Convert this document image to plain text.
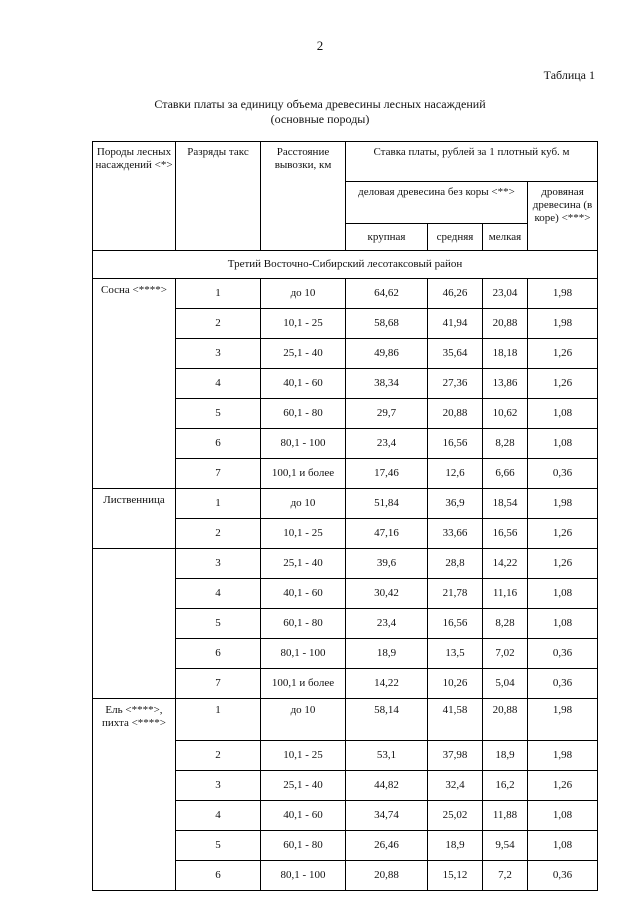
2
Таблица 1
Ставки платы за единицу объема древесины лесных насаждений
(основные породы)
Породы лесных насаждений <*>	Разряды такс	Расстояние вывозки, км	Ставка платы, рублей за 1 плотный куб. м			
			деловая древесина без коры <**>			дровяная древесина (в коре) <***>
			крупная	средняя	мелкая	
Третий Восточно-Сибирский лесотаксовый район						
Сосна <****>	1	до 10	64,62	46,26	23,04	1,98
	2	10,1 - 25	58,68	41,94	20,88	1,98
	3	25,1 - 40	49,86	35,64	18,18	1,26
	4	40,1 - 60	38,34	27,36	13,86	1,26
	5	60,1 - 80	29,7	20,88	10,62	1,08
	6	80,1 - 100	23,4	16,56	8,28	1,08
	7	100,1 и более	17,46	12,6	6,66	0,36
Лиственница	1	до 10	51,84	36,9	18,54	1,98
	2	10,1 - 25	47,16	33,66	16,56	1,26
	3	25,1 - 40	39,6	28,8	14,22	1,26
	4	40,1 - 60	30,42	21,78	11,16	1,08
	5	60,1 - 80	23,4	16,56	8,28	1,08
	6	80,1 - 100	18,9	13,5	7,02	0,36
	7	100,1 и более	14,22	10,26	5,04	0,36
Ель <****>, пихта <****>	1	до 10	58,14	41,58	20,88	1,98
	2	10,1 - 25	53,1	37,98	18,9	1,98
	3	25,1 - 40	44,82	32,4	16,2	1,26
	4	40,1 - 60	34,74	25,02	11,88	1,08
	5	60,1 - 80	26,46	18,9	9,54	1,08
	6	80,1 - 100	20,88	15,12	7,2	0,36
